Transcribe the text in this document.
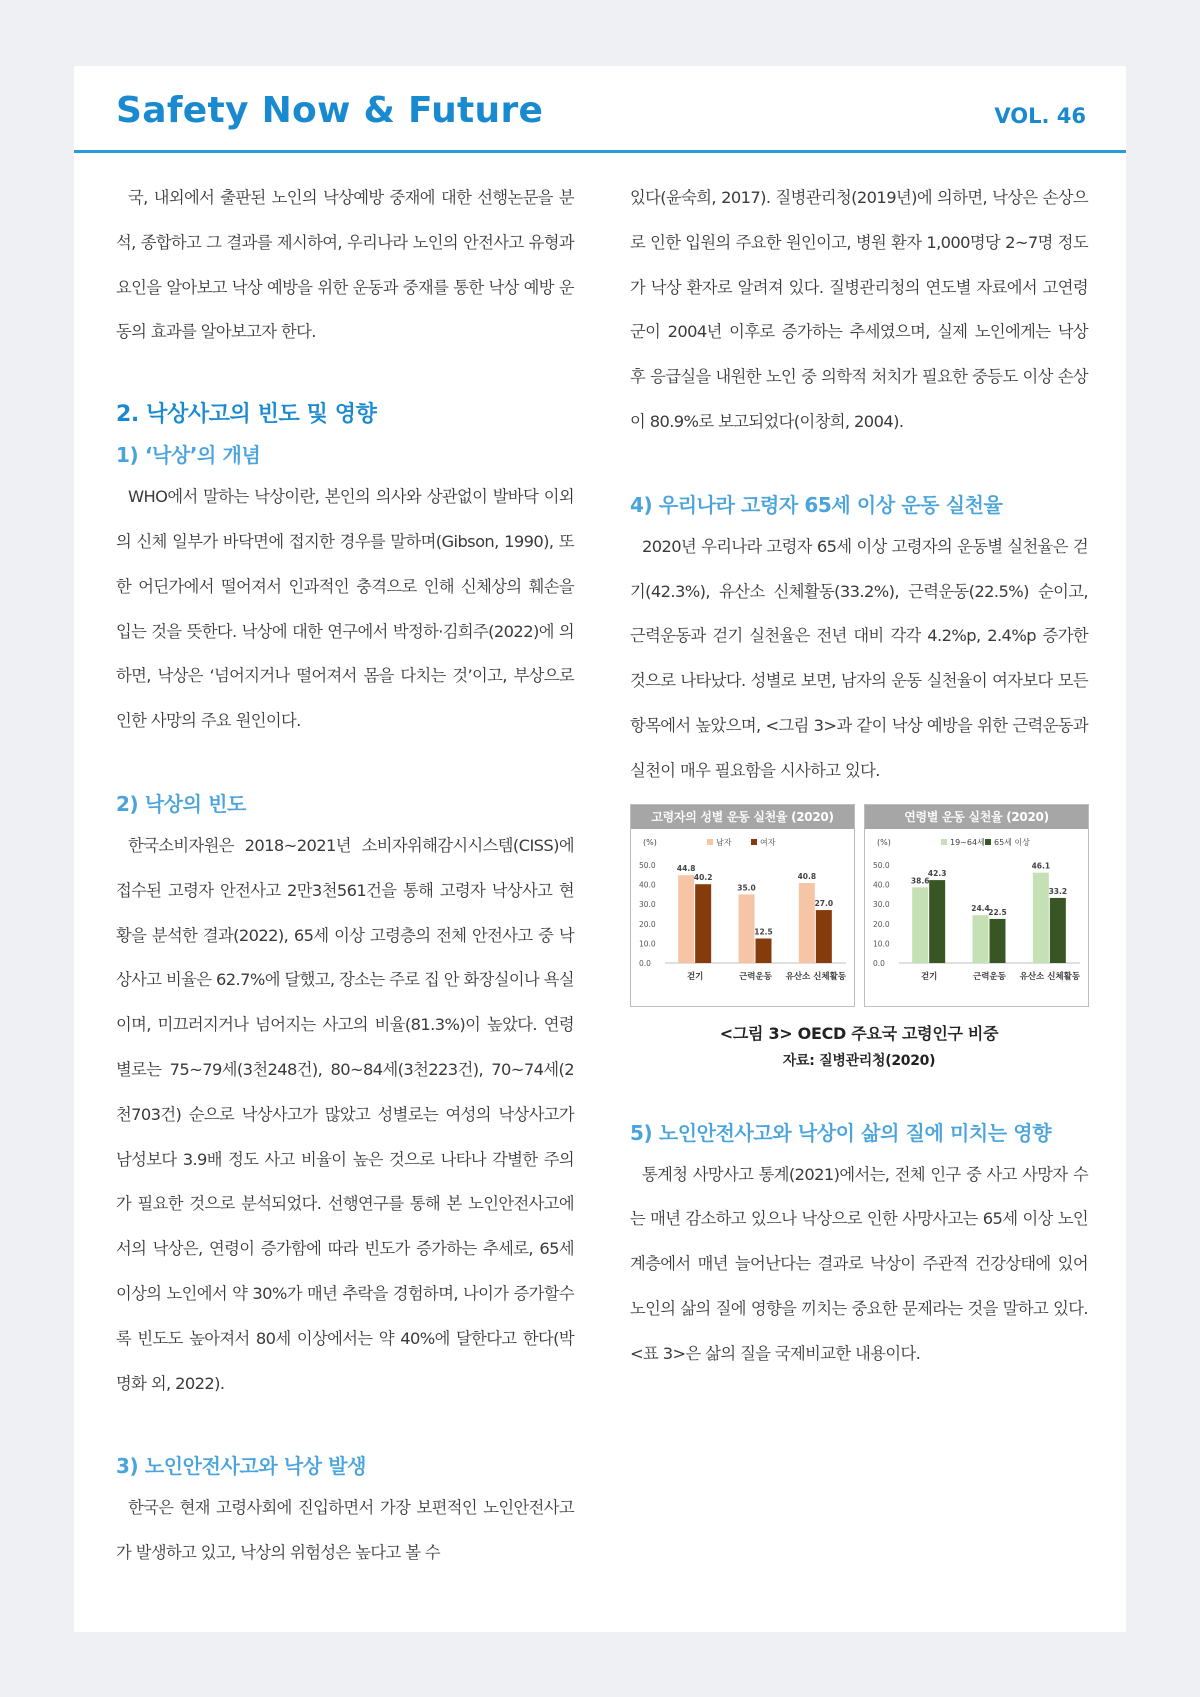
Safety Now & Future	VOL. 46

국, 내외에서 출판된 노인의 낙상예방 중재에 대한 선행논문을 분석, 종합하고 그 결과를 제시하여, 우리나라 노인의 안전사고 유형과 요인을 알아보고 낙상 예방을 위한 운동과 중재를 통한 낙상 예방 운동의 효과를 알아보고자 한다.

2. 낙상사고의 빈도 및 영향
1) ‘낙상’의 개념

WHO에서 말하는 낙상이란, 본인의 의사와 상관없이 발바닥 이외의 신체 일부가 바닥면에 접지한 경우를 말하며(Gibson, 1990), 또한 어딘가에서 떨어져서 인과적인 충격으로 인해 신체상의 훼손을 입는 것을 뜻한다. 낙상에 대한 연구에서 박정하·김희주(2022)에 의하면, 낙상은 ‘넘어지거나 떨어져서 몸을 다치는 것’이고, 부상으로 인한 사망의 주요 원인이다.

2) 낙상의 빈도

한국소비자원은 2018~2021년 소비자위해감시시스템(CISS)에 접수된 고령자 안전사고 2만3천561건을 통해 고령자 낙상사고 현황을 분석한 결과(2022), 65세 이상 고령층의 전체 안전사고 중 낙상사고 비율은 62.7%에 달했고, 장소는 주로 집 안 화장실이나 욕실이며, 미끄러지거나 넘어지는 사고의 비율(81.3%)이 높았다. 연령별로는 75~79세(3천248건), 80~84세(3천223건), 70~74세(2천703건) 순으로 낙상사고가 많았고 성별로는 여성의 낙상사고가 남성보다 3.9배 정도 사고 비율이 높은 것으로 나타나 각별한 주의가 필요한 것으로 분석되었다. 선행연구를 통해 본 노인안전사고에서의 낙상은, 연령이 증가함에 따라 빈도가 증가하는 추세로, 65세 이상의 노인에서 약 30%가 매년 추락을 경험하며, 나이가 증가할수록 빈도도 높아져서 80세 이상에서는 약 40%에 달한다고 한다(박명화 외, 2022).

3) 노인안전사고와 낙상 발생

한국은 현재 고령사회에 진입하면서 가장 보편적인 노인안전사고가 발생하고 있고, 낙상의 위험성은 높다고 볼 수

있다(윤숙희, 2017). 질병관리청(2019년)에 의하면, 낙상은 손상으로 인한 입원의 주요한 원인이고, 병원 환자 1,000명당 2~7명 정도가 낙상 환자로 알려져 있다. 질병관리청의 연도별 자료에서 고연령 군이 2004년 이후로 증가하는 추세였으며, 실제 노인에게는 낙상 후 응급실을 내원한 노인 중 의학적 처치가 필요한 중등도 이상 손상이 80.9%로 보고되었다(이창희, 2004).

4) 우리나라 고령자 65세 이상 운동 실천율

2020년 우리나라 고령자 65세 이상 고령자의 운동별 실천율은 걷기(42.3%), 유산소 신체활동(33.2%), 근력운동(22.5%) 순이고, 근력운동과 걷기 실천율은 전년 대비 각각 4.2%p, 2.4%p 증가한 것으로 나타났다. 성별로 보면, 남자의 운동 실천율이 여자보다 모든 항목에서 높았으며, <그림 3>과 같이 낙상 예방을 위한 근력운동과 실천이 매우 필요함을 시사하고 있다.

고령자의 성별 운동 실천율 (2020)
(%)	남자	여자
0.0
10.0
20.0
30.0
40.0
50.0	44.8
40.2
걷기
35.0
12.5
근력운동
40.8
27.0
유산소 신체활동
연령별 운동 실천율 (2020)
(%)	19~64세 65세 이상
0.0
10.0
20.0
30.0
40.0
50.0
38.6
42.3
걷기
24.4
22.5
근력운동
46.1
33.2
유산소 신체활동
<그림 3> OECD 주요국 고령인구 비중
자료: 질병관리청(2020)
5) 노인안전사고와 낙상이 삶의 질에 미치는 영향

통계청 사망사고 통계(2021)에서는, 전체 인구 중 사고 사망자 수는 매년 감소하고 있으나 낙상으로 인한 사망사고는 65세 이상 노인 계층에서 매년 늘어난다는 결과로 낙상이 주관적 건강상태에 있어 노인의 삶의 질에 영향을 끼치는 중요한 문제라는 것을 말하고 있다. <표 3>은 삶의 질을 국제비교한 내용이다.
